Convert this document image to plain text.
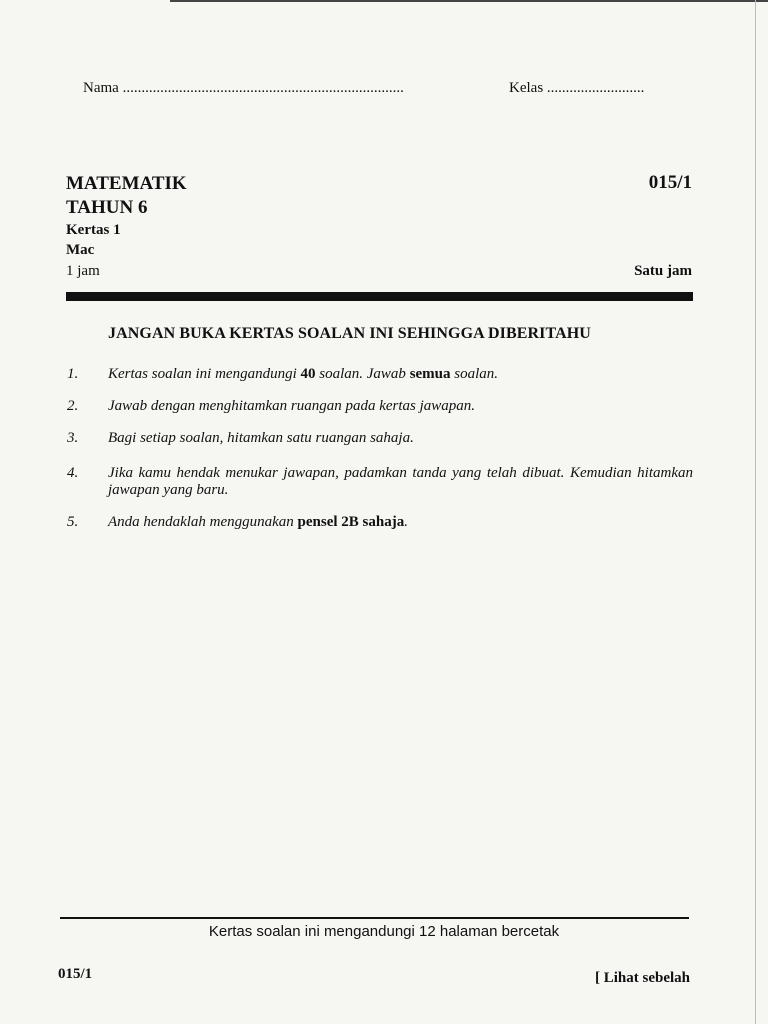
Nama ...........................................................................	Kelas ..........................
MATEMATIK
TAHUN 6
Kertas 1
Mac
1 jam
015/1
Satu jam
JANGAN BUKA KERTAS SOALAN INI SEHINGGA DIBERITAHU
1. Kertas soalan ini mengandungi 40 soalan. Jawab semua soalan.
2. Jawab dengan menghitamkan ruangan pada kertas jawapan.
3. Bagi setiap soalan, hitamkan satu ruangan sahaja.
4. Jika kamu hendak menukar jawapan, padamkan tanda yang telah dibuat. Kemudian hitamkan jawapan yang baru.
5. Anda hendaklah menggunakan pensel 2B sahaja.
Kertas soalan ini mengandungi 12 halaman bercetak
015/1	[ Lihat sebelah
